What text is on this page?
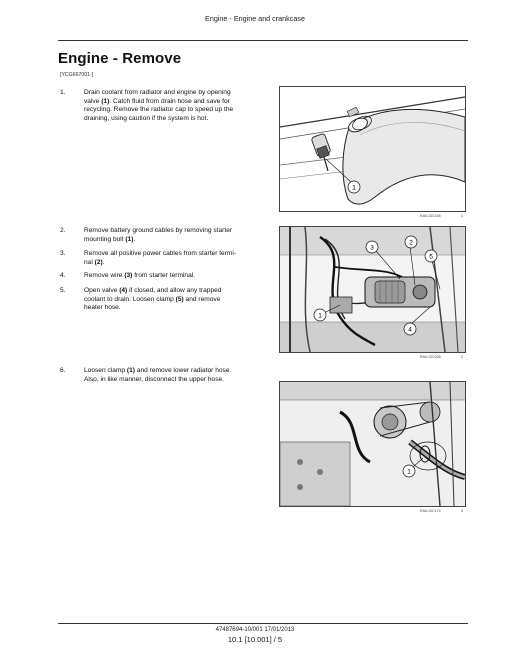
Engine - Engine and crankcase
Engine - Remove
[YCG667001-]
1.	Drain coolant from radiator and engine by opening
valve (1). Catch fluid from drain hose and save for
recycling. Remove the radiator cap to speed up the
draining, using caution if the system is hot.
2.	Remove battery ground cables by removing starter
mounting bolt (1).
3.	Remove all positive power cables from starter termi-
nal (2).
4.	Remove wire (3) from starter terminal.
5.	Open valve (4) if closed, and allow any trapped
coolant to drain. Loosen clamp (5) and remove
heater hose.
6.	Loosen clamp (1) and remove lower radiator hose.
Also, in like manner, disconnect the upper hose.
1
RAIL13C165	1
1
2
3
4
5
RAIL13C028	2
1
RAIL13C174	3
47487694-10/001 17/01/2013
10.1 [10.001] / 5
